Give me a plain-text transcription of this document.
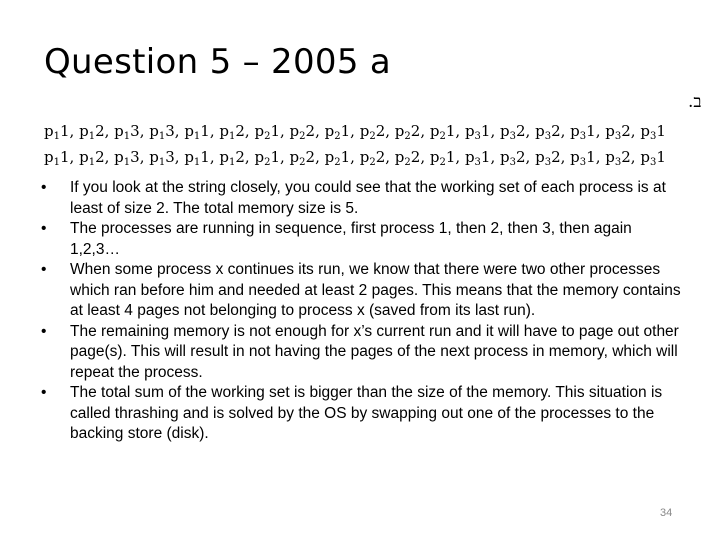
Question 5 – 2005 a
ב.
$p_11$, $p_12$, $p_13$, $p_13$, $p_11$, $p_12$, $p_21$, $p_22$, $p_21$, $p_22$, $p_22$, $p_21$, $p_31$, $p_32$, $p_32$, $p_31$, $p_32$, $p_31$
$p_11$, $p_12$, $p_13$, $p_13$, $p_11$, $p_12$, $p_21$, $p_22$, $p_21$, $p_22$, $p_22$, $p_21$, $p_31$, $p_32$, $p_32$, $p_31$, $p_32$, $p_31$
• If you look at the string closely, you could see that the working set of each process is at least of size 2. The total memory size is 5.
• The processes are running in sequence, first process 1, then 2, then 3, then again 1,2,3…
• When some process x continues its run, we know that there were two other processes which ran before him and needed at least 2 pages. This means that the memory contains at least 4 pages not belonging to process x (saved from its last run).
• The remaining memory is not enough for x’s current run and it will have to page out other page(s). This will result in not having the pages of the next process in memory, which will repeat the process.
• The total sum of the working set is bigger than the size of the memory. This situation is called thrashing and is solved by the OS by swapping out one of the processes to the backing store (disk).
34
